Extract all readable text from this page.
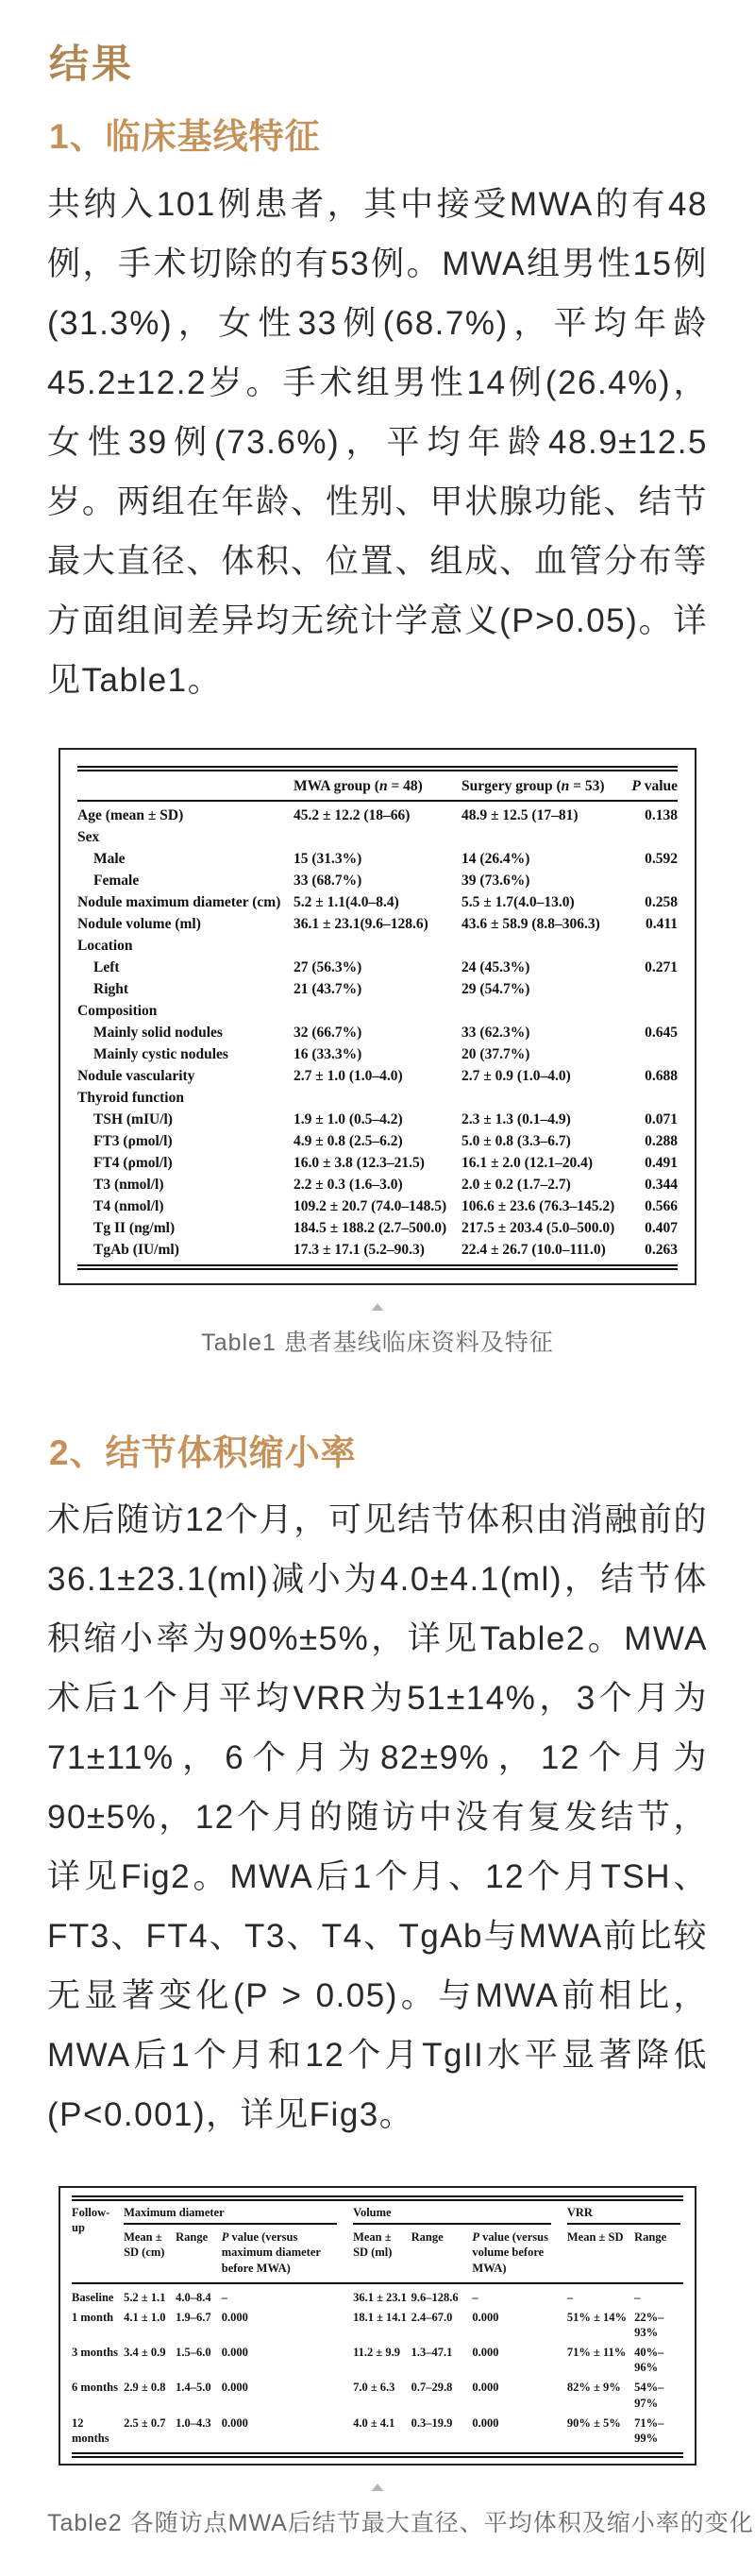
结果
1、临床基线特征

共纳入101例患者，其中接受MWA的有48例，手术切除的有53例。MWA组男性15例(31.3%)，女性33例(68.7%)，平均年龄45.2±12.2岁。手术组男性14例(26.4%)，女性39例(73.6%)，平均年龄48.9±12.5岁。两组在年龄、性别、甲状腺功能、结节最大直径、体积、位置、组成、血管分布等方面组间差异均无统计学意义(P>0.05)。详见Table1。

	MWA group (n = 48)	Surgery group (n = 53)	P value
Age (mean ± SD)	45.2 ± 12.2 (18–66)	48.9 ± 12.5 (17–81)	0.138
Sex			
Male	15 (31.3%)	14 (26.4%)	0.592
Female	33 (68.7%)	39 (73.6%)	
Nodule maximum diameter (cm)	5.2 ± 1.1(4.0–8.4)	5.5 ± 1.7(4.0–13.0)	0.258
Nodule volume (ml)	36.1 ± 23.1(9.6–128.6)	43.6 ± 58.9 (8.8–306.3)	0.411
Location			
Left	27 (56.3%)	24 (45.3%)	0.271
Right	21 (43.7%)	29 (54.7%)	
Composition			
Mainly solid nodules	32 (66.7%)	33 (62.3%)	0.645
Mainly cystic nodules	16 (33.3%)	20 (37.7%)	
Nodule vascularity	2.7 ± 1.0 (1.0–4.0)	2.7 ± 0.9 (1.0–4.0)	0.688
Thyroid function			
TSH (mIU/l)	1.9 ± 1.0 (0.5–4.2)	2.3 ± 1.3 (0.1–4.9)	0.071
FT3 (ρmol/l)	4.9 ± 0.8 (2.5–6.2)	5.0 ± 0.8 (3.3–6.7)	0.288
FT4 (ρmol/l)	16.0 ± 3.8 (12.3–21.5)	16.1 ± 2.0 (12.1–20.4)	0.491
T3 (nmol/l)	2.2 ± 0.3 (1.6–3.0)	2.0 ± 0.2 (1.7–2.7)	0.344
T4 (nmol/l)	109.2 ± 20.7 (74.0–148.5)	106.6 ± 23.6 (76.3–145.2)	0.566
Tg II (ng/ml)	184.5 ± 188.2 (2.7–500.0)	217.5 ± 203.4 (5.0–500.0)	0.407
TgAb (IU/ml)	17.3 ± 17.1 (5.2–90.3)	22.4 ± 26.7 (10.0–111.0)	0.263
▲
Table1 患者基线临床资料及特征
2、结节体积缩小率

术后随访12个月，可见结节体积由消融前的36.1±23.1(ml)减小为4.0±4.1(ml)，结节体积缩小率为90%±5%，详见Table2。MWA术后1个月平均VRR为51±14%，3个月为71±11%，6个月为82±9%，12个月为90±5%，12个月的随访中没有复发结节，详见Fig2。MWA后1个月、12个月TSH、FT3、FT4、T3、T4、TgAb与MWA前比较无显著变化(P > 0.05)。与MWA前相比，MWA后1个月和12个月TgII水平显著降低(P<0.001)，详见Fig3。

Follow-up	Maximum diameter			Volume			VRR	

	Mean ± SD (cm)	Range	P value (versus maximum diameter before MWA)	Mean ± SD (ml)	Range	P value (versus volume before MWA)	Mean ± SD	Range
Baseline	5.2 ± 1.1	4.0–8.4	–	36.1 ± 23.1	9.6–128.6	–	–	–
1 month	4.1 ± 1.0	1.9–6.7	0.000	18.1 ± 14.1	2.4–67.0	0.000	51% ± 14%	22%–93%
3 months	3.4 ± 0.9	1.5–6.0	0.000	11.2 ± 9.9	1.3–47.1	0.000	71% ± 11%	40%–96%
6 months	2.9 ± 0.8	1.4–5.0	0.000	7.0 ± 6.3	0.7–29.8	0.000	82% ± 9%	54%–97%
12 months	2.5 ± 0.7	1.0–4.3	0.000	4.0 ± 4.1	0.3–19.9	0.000	90% ± 5%	71%–99%
▲
Table2 各随访点MWA后结节最大直径、平均体积及缩小率的变化
